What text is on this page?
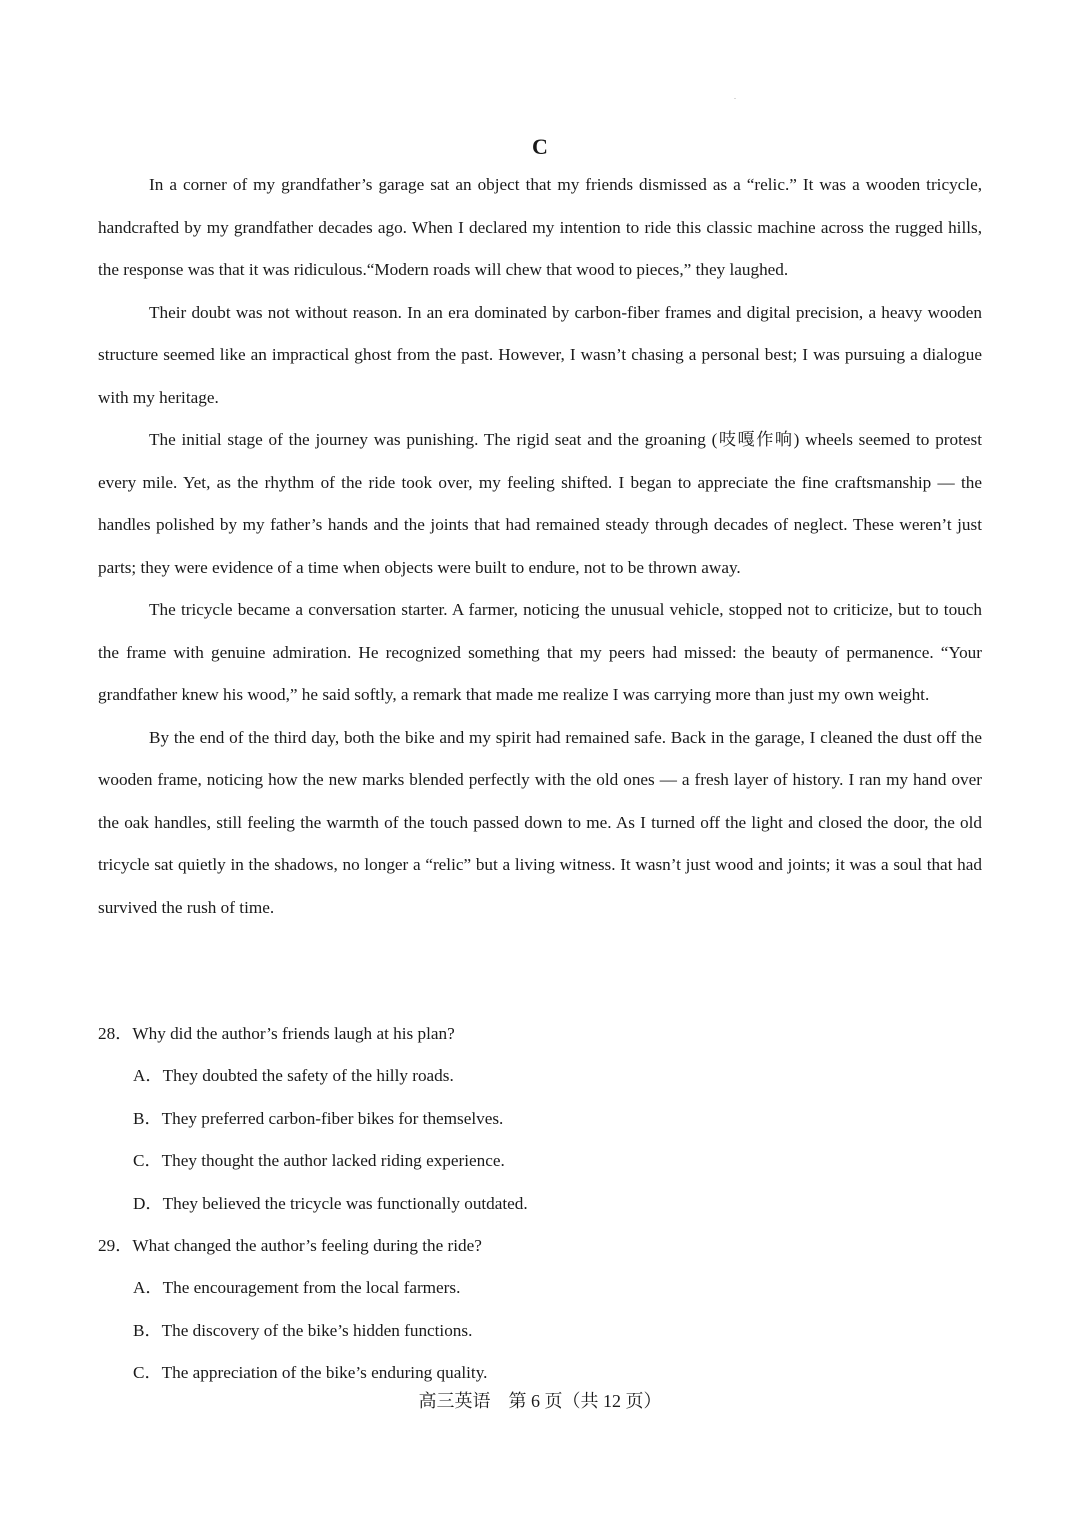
C

In a corner of my grandfather’s garage sat an object that my friends dismissed as a “relic.” It was a wooden tricycle, handcrafted by my grandfather decades ago. When I declared my intention to ride this classic machine across the rugged hills, the response was that it was ridiculous.“Modern roads will chew that wood to pieces,” they laughed.

Their doubt was not without reason. In an era dominated by carbon-fiber frames and digital precision, a heavy wooden structure seemed like an impractical ghost from the past. However, I wasn’t chasing a personal best; I was pursuing a dialogue with my heritage.

The initial stage of the journey was punishing. The rigid seat and the groaning (吱嘎作响) wheels seemed to protest every mile. Yet, as the rhythm of the ride took over, my feeling shifted. I began to appreciate the fine craftsmanship — the handles polished by my father’s hands and the joints that had remained steady through decades of neglect. These weren’t just parts; they were evidence of a time when objects were built to endure, not to be thrown away.

The tricycle became a conversation starter. A farmer, noticing the unusual vehicle, stopped not to criticize, but to touch the frame with genuine admiration. He recognized something that my peers had missed: the beauty of permanence. “Your grandfather knew his wood,” he said softly, a remark that made me realize I was carrying more than just my own weight.

By the end of the third day, both the bike and my spirit had remained safe. Back in the garage, I cleaned the dust off the wooden frame, noticing how the new marks blended perfectly with the old ones — a fresh layer of history. I ran my hand over the oak handles, still feeling the warmth of the touch passed down to me. As I turned off the light and closed the door, the old tricycle sat quietly in the shadows, no longer a “relic” but a living witness. It wasn’t just wood and joints; it was a soul that had survived the rush of time.

28．Why did the author’s friends laugh at his plan?

A．They doubted the safety of the hilly roads.

B．They preferred carbon-fiber bikes for themselves.

C．They thought the author lacked riding experience.

D．They believed the tricycle was functionally outdated.

29．What changed the author’s feeling during the ride?

A．The encouragement from the local farmers.

B．The discovery of the bike’s hidden functions.

C．The appreciation of the bike’s enduring quality.

高三英语　第 6 页（共 12 页）
